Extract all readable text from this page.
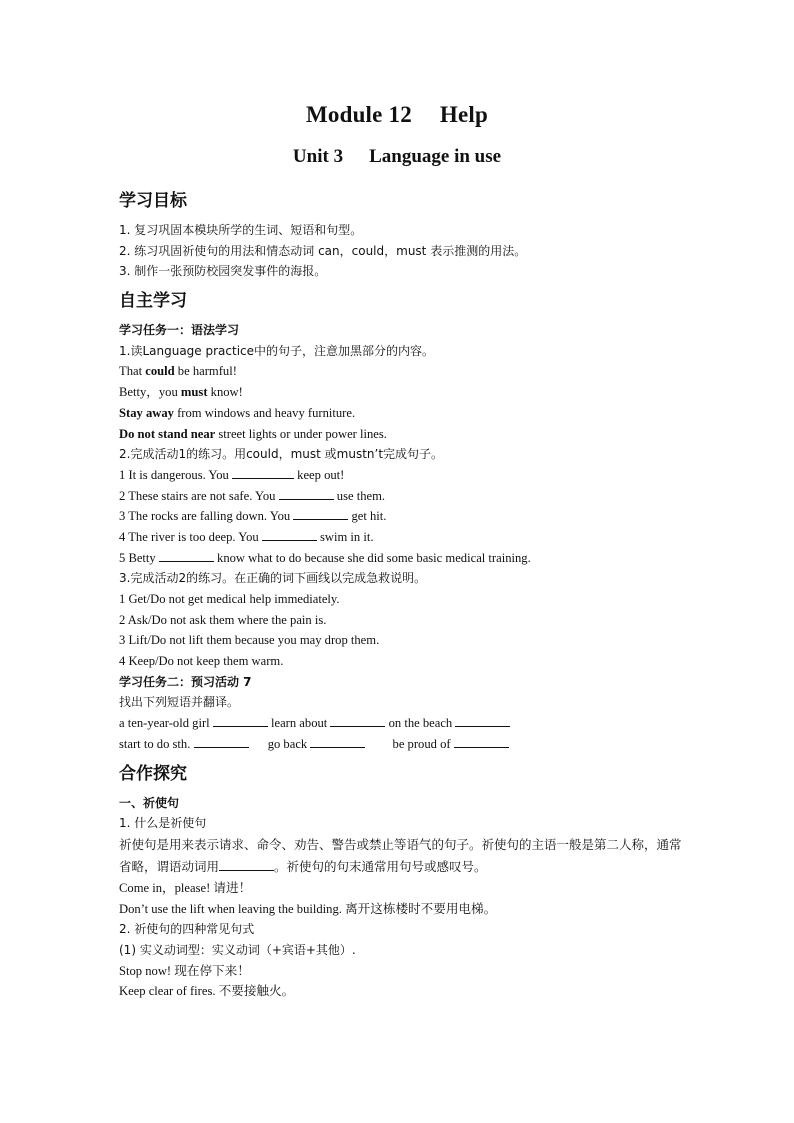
Module 12 Help
Unit 3 Language in use
学习目标
1. 复习巩固本模块所学的生词、短语和句型。
2. 练习巩固祈使句的用法和情态动词 can，could，must 表示推测的用法。
3. 制作一张预防校园突发事件的海报。
自主学习
学习任务一：语法学习
1.读Language practice中的句子，注意加黑部分的内容。
That could be harmful!
Betty，you must know!
Stay away from windows and heavy furniture.
Do not stand near street lights or under power lines.
2.完成活动1的练习。用could，must 或mustn’t完成句子。
1 It is dangerous. You	keep out!
2 These stairs are not safe. You	use them.
3 The rocks are falling down. You	get hit.
4 The river is too deep. You	swim in it.
5 Betty	know what to do because she did some basic medical training.
3.完成活动2的练习。在正确的词下画线以完成急救说明。
1 Get/Do not get medical help immediately.
2 Ask/Do not ask them where the pain is.
3 Lift/Do not lift them because you may drop them.
4 Keep/Do not keep them warm.
学习任务二：预习活动 7
找出下列短语并翻译。
a ten-year-old girl	learn about	on the beach
start to do sth.	go back	be proud of
合作探究
一、祈使句
1. 什么是祈使句
祈使句是用来表示请求、命令、劝告、警告或禁止等语气的句子。祈使句的主语一般是第二人称，通常省略，谓语动词用	。祈使句的句末通常用句号或感叹号。
Come in，please! 请进！
Don’t use the lift when leaving the building. 离开这栋楼时不要用电梯。
2. 祈使句的四种常见句式
(1) 实义动词型：实义动词（+宾语+其他）.
Stop now! 现在停下来！
Keep clear of fires. 不要接触火。
